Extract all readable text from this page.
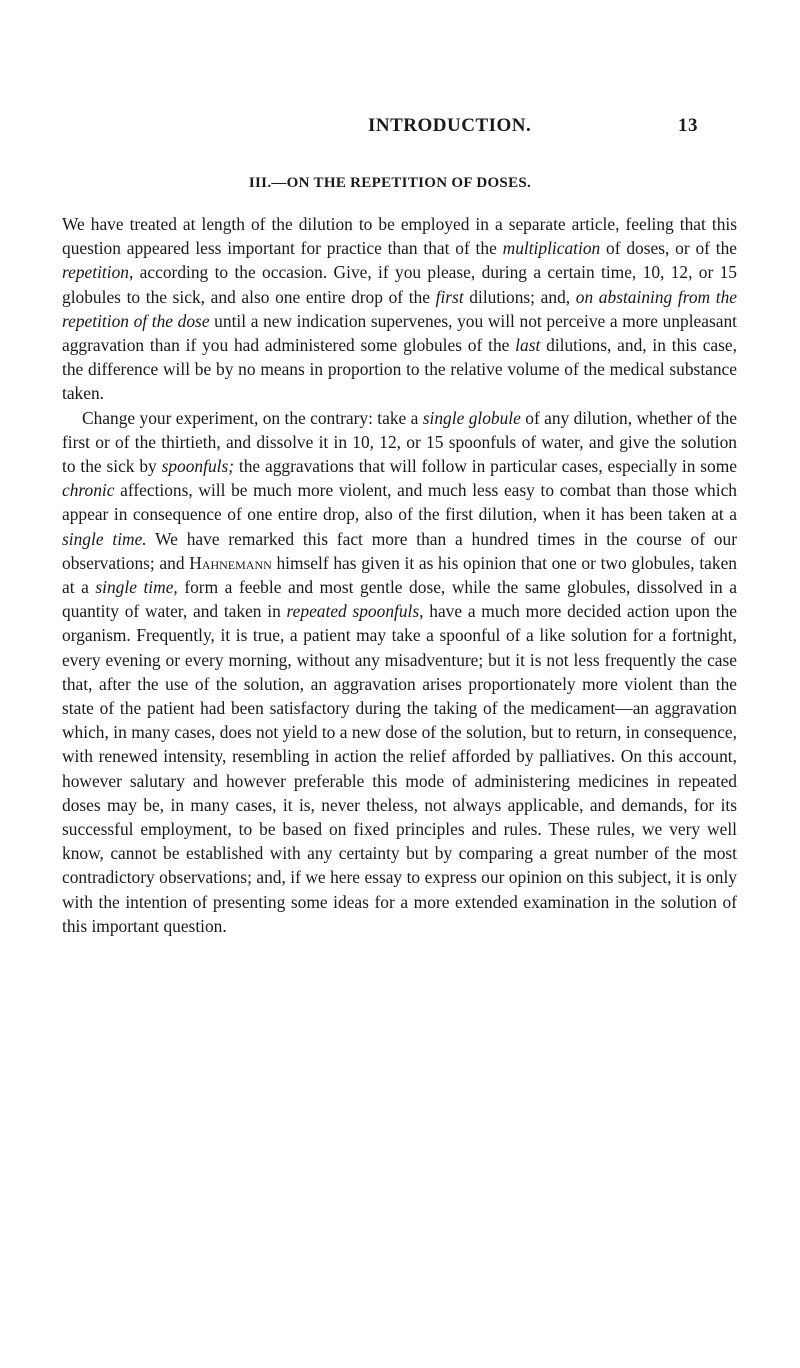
INTRODUCTION.	13
III.—ON THE REPETITION OF DOSES.

We have treated at length of the dilution to be employed in a separate article, feeling that this question appeared less important for practice than that of the multiplication of doses, or of the repetition, according to the occasion. Give, if you please, during a certain time, 10, 12, or 15 globules to the sick, and also one entire drop of the first dilutions; and, on abstaining from the repetition of the dose until a new indication supervenes, you will not perceive a more unpleasant aggravation than if you had administered some globules of the last dilutions, and, in this case, the difference will be by no means in proportion to the relative volume of the medical substance taken.

Change your experiment, on the contrary: take a single globule of any dilution, whether of the first or of the thirtieth, and dissolve it in 10, 12, or 15 spoonfuls of water, and give the solution to the sick by spoonfuls; the aggravations that will follow in particular cases, especially in some chronic affections, will be much more violent, and much less easy to combat than those which appear in consequence of one entire drop, also of the first dilution, when it has been taken at a single time. We have remarked this fact more than a hundred times in the course of our observations; and Hahnemann himself has given it as his opinion that one or two globules, taken at a single time, form a feeble and most gentle dose, while the same globules, dissolved in a quantity of water, and taken in repeated spoonfuls, have a much more decided action upon the organism. Frequently, it is true, a patient may take a spoonful of a like solution for a fortnight, every evening or every morning, without any misadventure; but it is not less frequently the case that, after the use of the solution, an aggravation arises proportionately more violent than the state of the patient had been satisfactory during the taking of the medicament—an aggravation which, in many cases, does not yield to a new dose of the solution, but to return, in consequence, with renewed intensity, resembling in action the relief afforded by palliatives. On this account, however salutary and however preferable this mode of administering medicines in repeated doses may be, in many cases, it is, never theless, not always applicable, and demands, for its successful employment, to be based on fixed principles and rules. These rules, we very well know, cannot be established with any certainty but by comparing a great number of the most contradictory observations; and, if we here essay to express our opinion on this subject, it is only with the intention of presenting some ideas for a more extended examination in the solution of this important question.
